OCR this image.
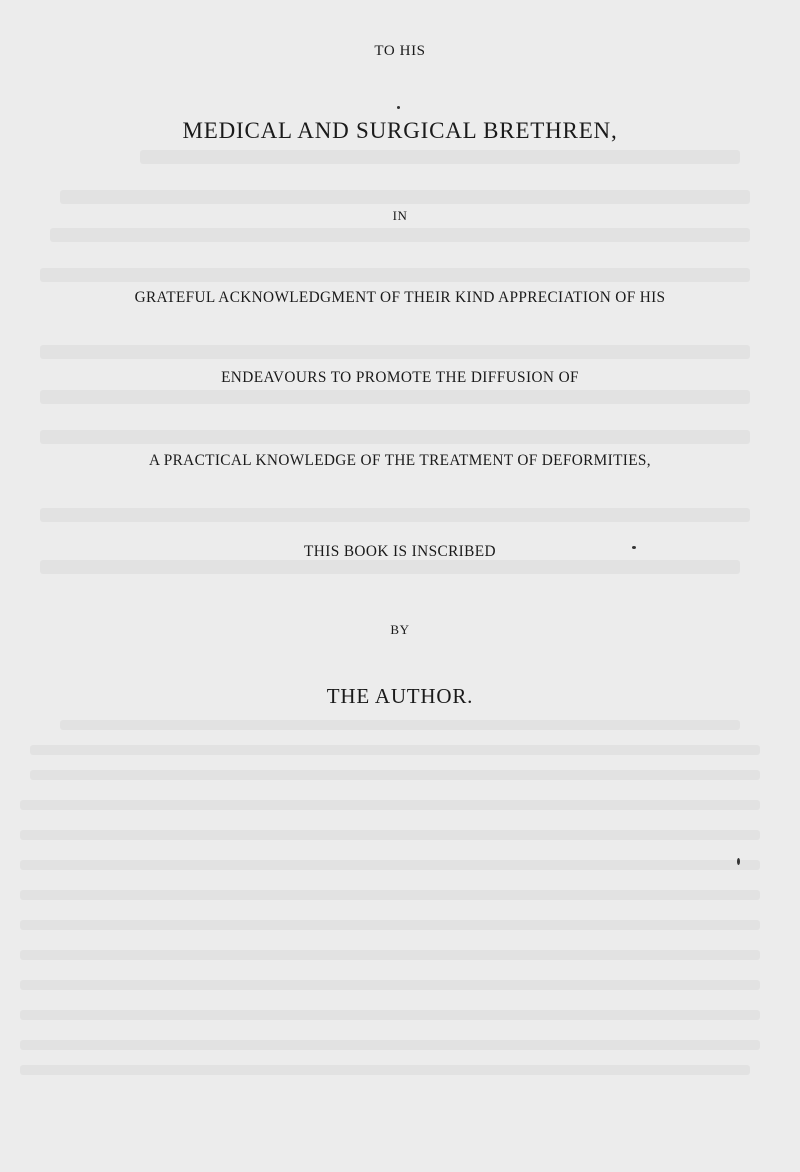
TO HIS
MEDICAL AND SURGICAL BRETHREN,
IN
GRATEFUL ACKNOWLEDGMENT OF THEIR KIND APPRECIATION OF HIS
ENDEAVOURS TO PROMOTE THE DIFFUSION OF
A PRACTICAL KNOWLEDGE OF THE TREATMENT OF DEFORMITIES,
THIS BOOK IS INSCRIBED
BY
THE AUTHOR.
